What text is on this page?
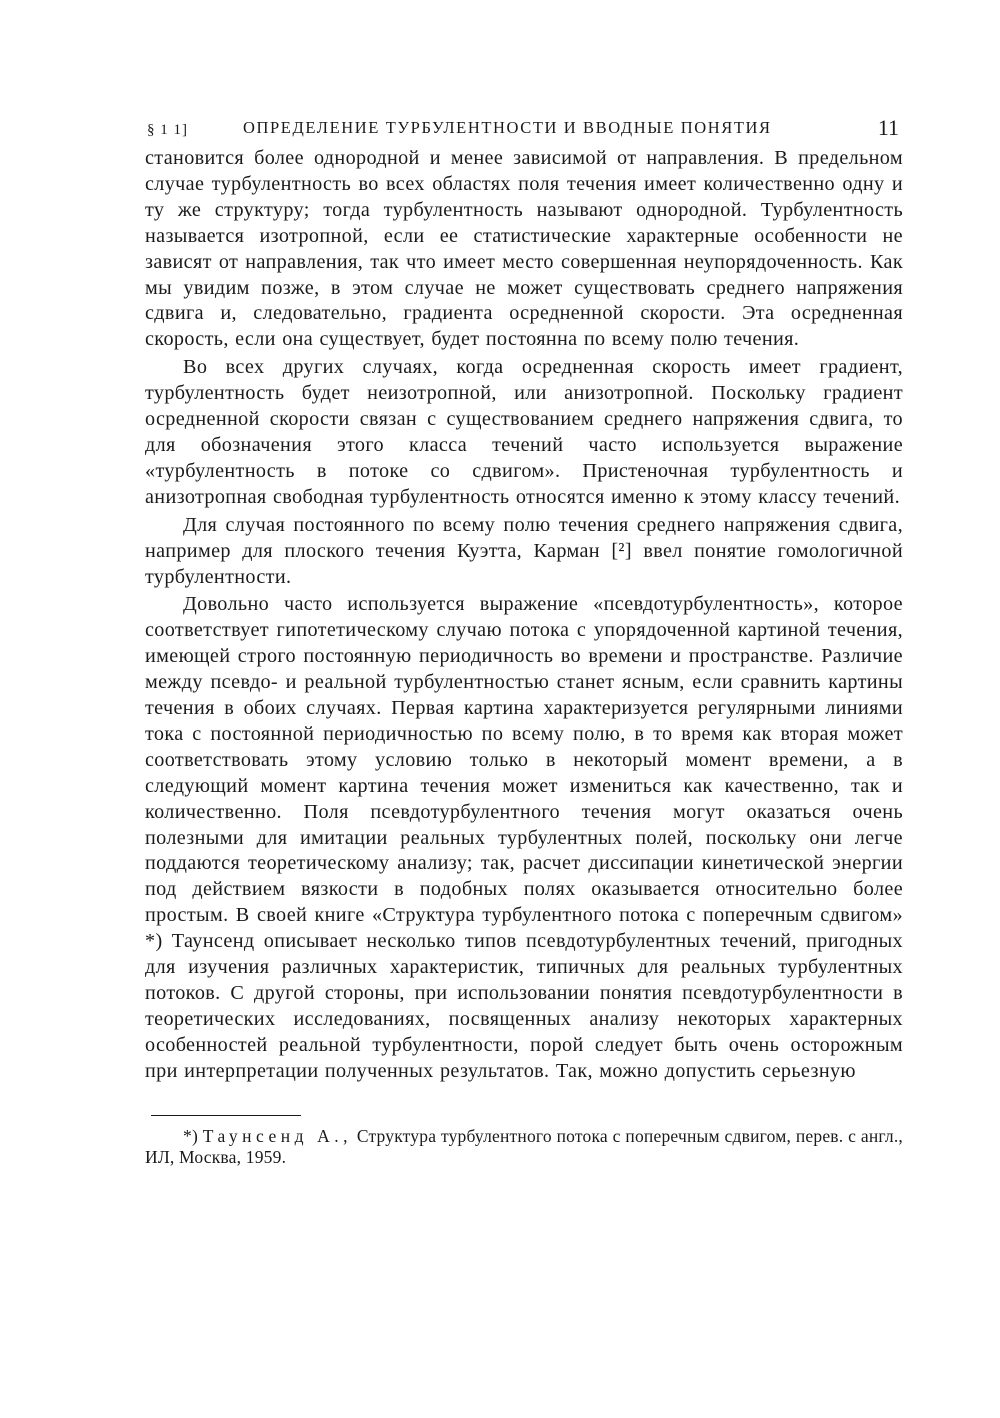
§ 1 1]	ОПРЕДЕЛЕНИЕ ТУРБУЛЕНТНОСТИ И ВВОДНЫЕ ПОНЯТИЯ	11

становится более однородной и менее зависимой от направления. В предельном случае турбулентность во всех областях поля течения имеет количественно одну и ту же структуру; тогда турбулентность называют однородной. Турбулентность называется изотропной, если ее статистические характерные особенности не зависят от направления, так что имеет место совершенная неупорядоченность. Как мы увидим позже, в этом случае не может существовать среднего напряжения сдвига и, следовательно, градиента осредненной скорости. Эта осредненная скорость, если она существует, будет постоянна по всему полю течения.

Во всех других случаях, когда осредненная скорость имеет градиент, турбулентность будет неизотропной, или анизотропной. Поскольку градиент осредненной скорости связан с существованием среднего напряжения сдвига, то для обозначения этого класса течений часто используется выражение «турбулентность в потоке со сдвигом». Пристеночная турбулентность и анизотропная свободная турбулентность относятся именно к этому классу течений.

Для случая постоянного по всему полю течения среднего напряжения сдвига, например для плоского течения Куэтта, Карман [²] ввел понятие гомологичной турбулентности.

Довольно часто используется выражение «псевдотурбулентность», которое соответствует гипотетическому случаю потока с упорядоченной картиной течения, имеющей строго постоянную периодичность во времени и пространстве. Различие между псевдо- и реальной турбулентностью станет ясным, если сравнить картины течения в обоих случаях. Первая картина характеризуется регулярными линиями тока с постоянной периодичностью по всему полю, в то время как вторая может соответствовать этому условию только в некоторый момент времени, а в следующий момент картина течения может измениться как качественно, так и количественно. Поля псевдотурбулентного течения могут оказаться очень полезными для имитации реальных турбулентных полей, поскольку они легче поддаются теоретическому анализу; так, расчет диссипации кинетической энергии под действием вязкости в подобных полях оказывается относительно более простым. В своей книге «Структура турбулентного потока с поперечным сдвигом» *) Таунсенд описывает несколько типов псевдотурбулентных течений, пригодных для изучения различных характеристик, типичных для реальных турбулентных потоков. С другой стороны, при использовании понятия псевдотурбулентности в теоретических исследованиях, посвященных анализу некоторых характерных особенностей реальной турбулентности, порой следует быть очень осторожным при интерпретации полученных результатов. Так, можно допустить серьезную

*) Таунсенд А., Структура турбулентного потока с поперечным сдвигом, перев. с англ., ИЛ, Москва, 1959.
